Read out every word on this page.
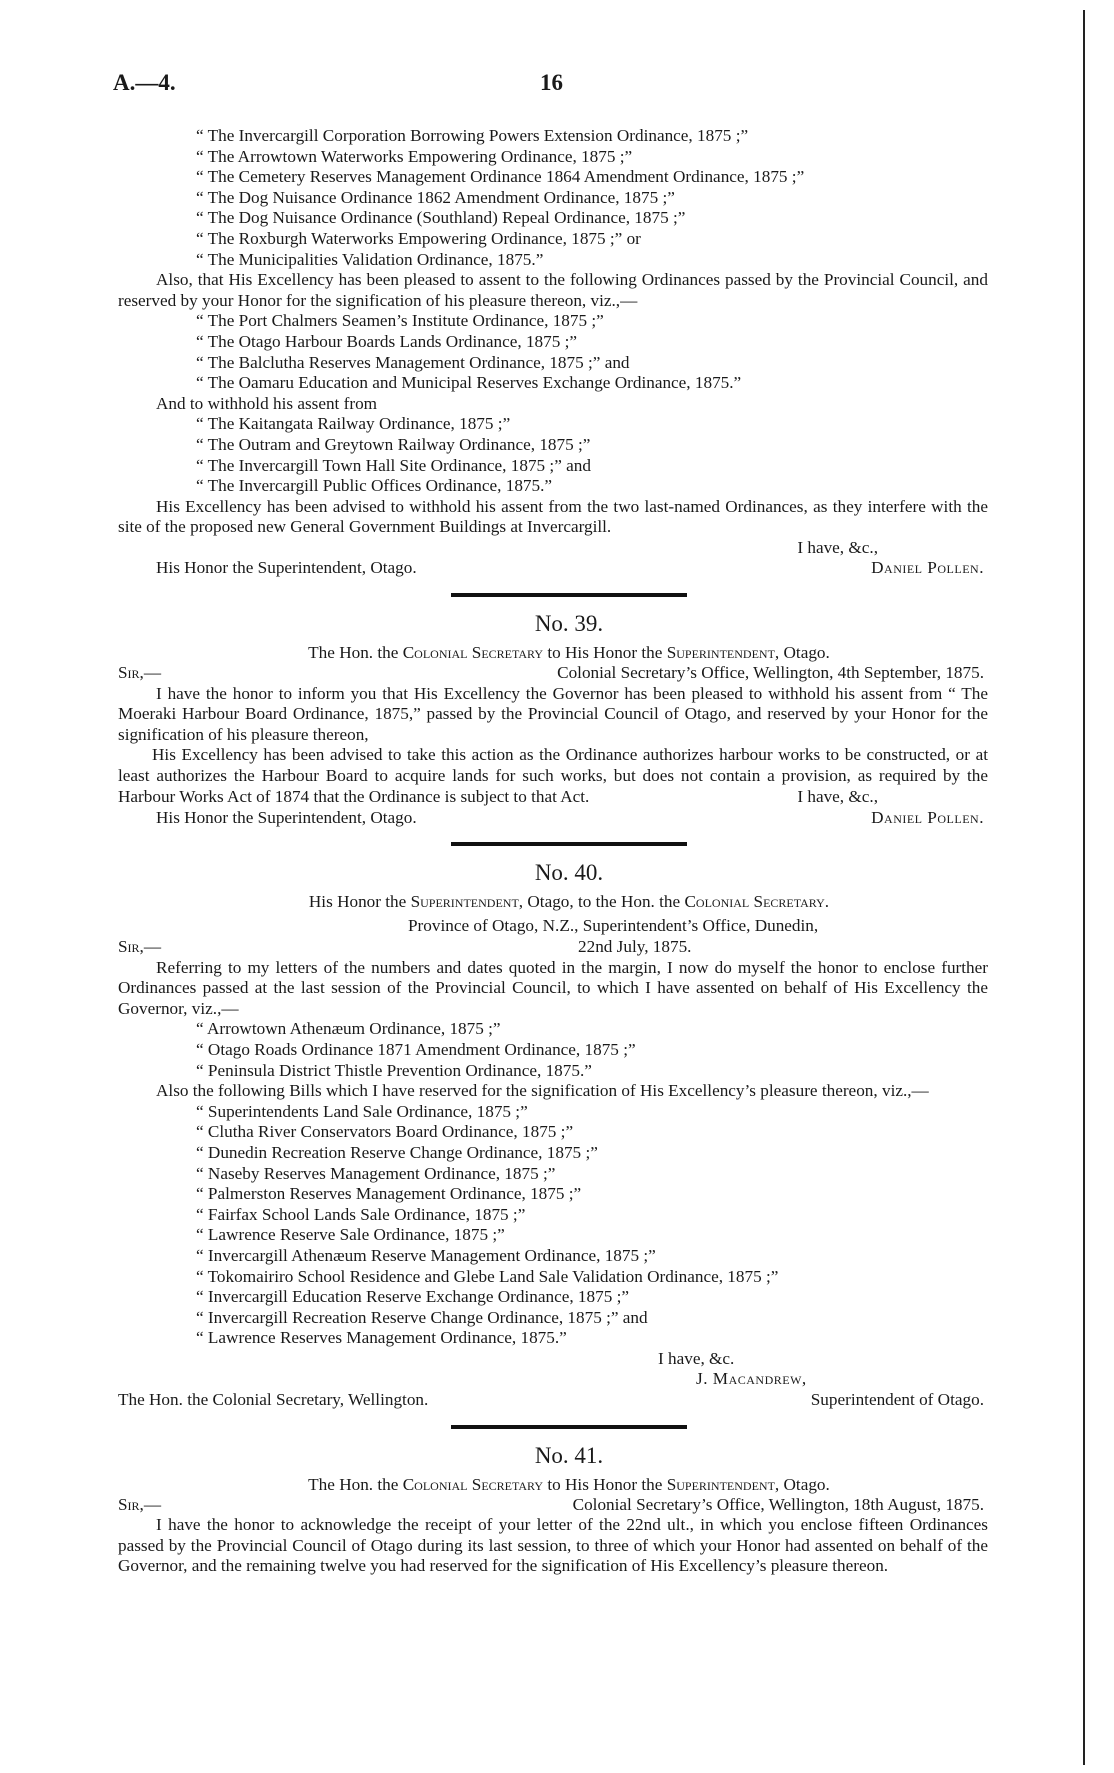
A.—4.	16
“ The Invercargill Corporation Borrowing Powers Extension Ordinance, 1875 ;”
“ The Arrowtown Waterworks Empowering Ordinance, 1875 ;”
“ The Cemetery Reserves Management Ordinance 1864 Amendment Ordinance, 1875 ;”
“ The Dog Nuisance Ordinance 1862 Amendment Ordinance, 1875 ;”
“ The Dog Nuisance Ordinance (Southland) Repeal Ordinance, 1875 ;”
“ The Roxburgh Waterworks Empowering Ordinance, 1875 ;” or
“ The Municipalities Validation Ordinance, 1875.”
Also, that His Excellency has been pleased to assent to the following Ordinances passed by the Provincial Council, and reserved by your Honor for the signification of his pleasure thereon, viz.,—
“ The Port Chalmers Seamen’s Institute Ordinance, 1875 ;”
“ The Otago Harbour Boards Lands Ordinance, 1875 ;”
“ The Balclutha Reserves Management Ordinance, 1875 ;” and
“ The Oamaru Education and Municipal Reserves Exchange Ordinance, 1875.”
And to withhold his assent from
“ The Kaitangata Railway Ordinance, 1875 ;”
“ The Outram and Greytown Railway Ordinance, 1875 ;”
“ The Invercargill Town Hall Site Ordinance, 1875 ;” and
“ The Invercargill Public Offices Ordinance, 1875.”
His Excellency has been advised to withhold his assent from the two last-named Ordinances, as they interfere with the site of the proposed new General Government Buildings at Invercargill.
I have, &c.,
His Honor the Superintendent, Otago.	Daniel Pollen.
No. 39.
The Hon. the Colonial Secretary to His Honor the Superintendent, Otago.
Sir,—	Colonial Secretary’s Office, Wellington, 4th September, 1875.
I have the honor to inform you that His Excellency the Governor has been pleased to withhold his assent from “ The Moeraki Harbour Board Ordinance, 1875,” passed by the Provincial Council of Otago, and reserved by your Honor for the signification of his pleasure thereon,
His Excellency has been advised to take this action as the Ordinance authorizes harbour works to be constructed, or at least authorizes the Harbour Board to acquire lands for such works, but does not contain a provision, as required by the Harbour Works Act of 1874 that the Ordinance is subject to that Act.	I have, &c.,
His Honor the Superintendent, Otago.	Daniel Pollen.
No. 40.
His Honor the Superintendent, Otago, to the Hon. the Colonial Secretary.
Province of Otago, N.Z., Superintendent’s Office, Dunedin,
Sir,—	22nd July, 1875.
Referring to my letters of the numbers and dates quoted in the margin, I now do myself the honor to enclose further Ordinances passed at the last session of the Provincial Council, to which I have assented on behalf of His Excellency the Governor, viz.,—
“ Arrowtown Athenæum Ordinance, 1875 ;”
“ Otago Roads Ordinance 1871 Amendment Ordinance, 1875 ;”
“ Peninsula District Thistle Prevention Ordinance, 1875.”
Also the following Bills which I have reserved for the signification of His Excellency’s pleasure thereon, viz.,—
“ Superintendents Land Sale Ordinance, 1875 ;”
“ Clutha River Conservators Board Ordinance, 1875 ;”
“ Dunedin Recreation Reserve Change Ordinance, 1875 ;”
“ Naseby Reserves Management Ordinance, 1875 ;”
“ Palmerston Reserves Management Ordinance, 1875 ;”
“ Fairfax School Lands Sale Ordinance, 1875 ;”
“ Lawrence Reserve Sale Ordinance, 1875 ;”
“ Invercargill Athenæum Reserve Management Ordinance, 1875 ;”
“ Tokomairiro School Residence and Glebe Land Sale Validation Ordinance, 1875 ;”
“ Invercargill Education Reserve Exchange Ordinance, 1875 ;”
“ Invercargill Recreation Reserve Change Ordinance, 1875 ;” and
“ Lawrence Reserves Management Ordinance, 1875.”
I have, &c.
J. Macandrew,
The Hon. the Colonial Secretary, Wellington.	Superintendent of Otago.
No. 41.
The Hon. the Colonial Secretary to His Honor the Superintendent, Otago.
Sir,—	Colonial Secretary’s Office, Wellington, 18th August, 1875.
I have the honor to acknowledge the receipt of your letter of the 22nd ult., in which you enclose fifteen Ordinances passed by the Provincial Council of Otago during its last session, to three of which your Honor had assented on behalf of the Governor, and the remaining twelve you had reserved for the signification of His Excellency’s pleasure thereon.
